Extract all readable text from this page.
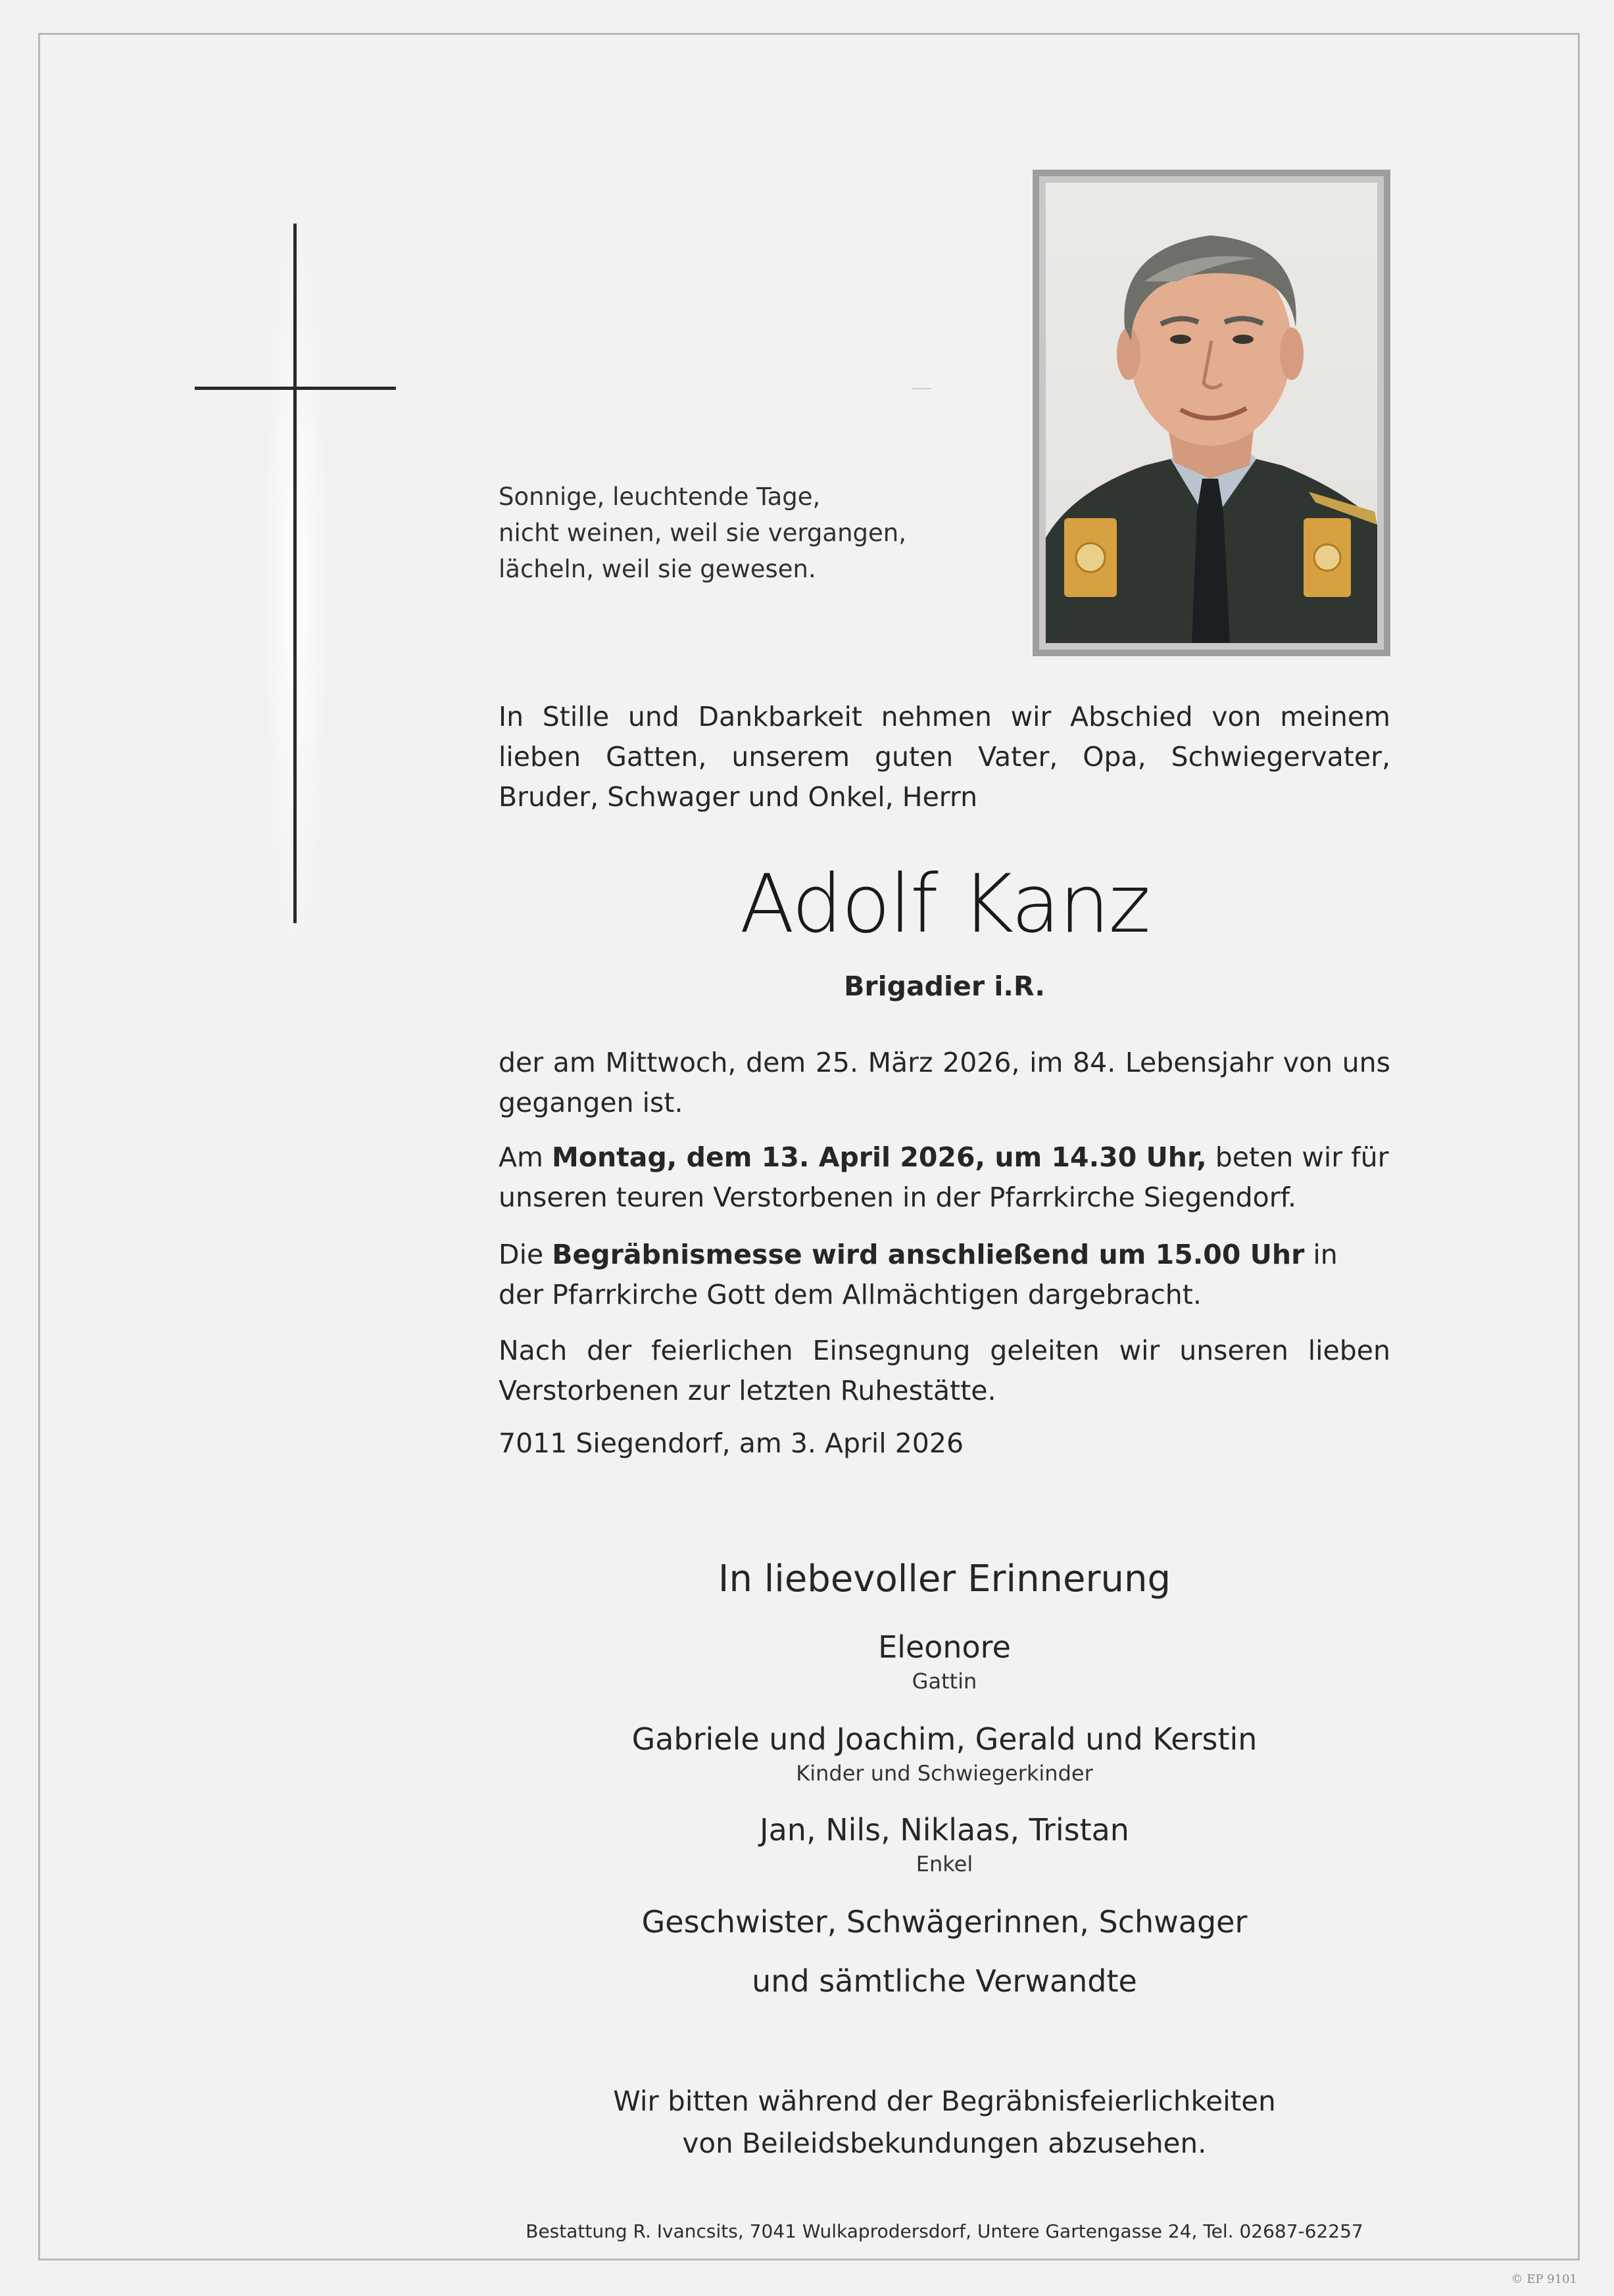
Sonnige, leuchtende Tage,
nicht weinen, weil sie vergangen,
lächeln, weil sie gewesen.

In Stille und Dankbarkeit nehmen wir Abschied von meinem lieben Gatten, unserem guten Vater, Opa, Schwiegervater, Bruder, Schwager und Onkel, Herrn

Adolf Kanz
Brigadier i.R.

der am Mittwoch, dem 25. März 2026, im 84. Lebensjahr von uns gegangen ist.

Am Montag, dem 13. April 2026, um 14.30 Uhr, beten wir für unseren teuren Verstorbenen in der Pfarrkirche Siegendorf.

Die Begräbnismesse wird anschließend um 15.00 Uhr in der Pfarrkirche Gott dem Allmächtigen dargebracht.

Nach der feierlichen Einsegnung geleiten wir unseren lieben Verstorbenen zur letzten Ruhestätte.

7011 Siegendorf, am 3. April 2026

In liebevoller Erinnerung
Eleonore
Gattin
Gabriele und Joachim, Gerald und Kerstin
Kinder und Schwiegerkinder
Jan, Nils, Niklaas, Tristan
Enkel
Geschwister, Schwägerinnen, Schwager
und sämtliche Verwandte
Wir bitten während der Begräbnisfeierlichkeiten
von Beileidsbekundungen abzusehen.
Bestattung R. Ivancsits, 7041 Wulkaprodersdorf, Untere Gartengasse 24, Tel. 02687-62257
© EP 9101
